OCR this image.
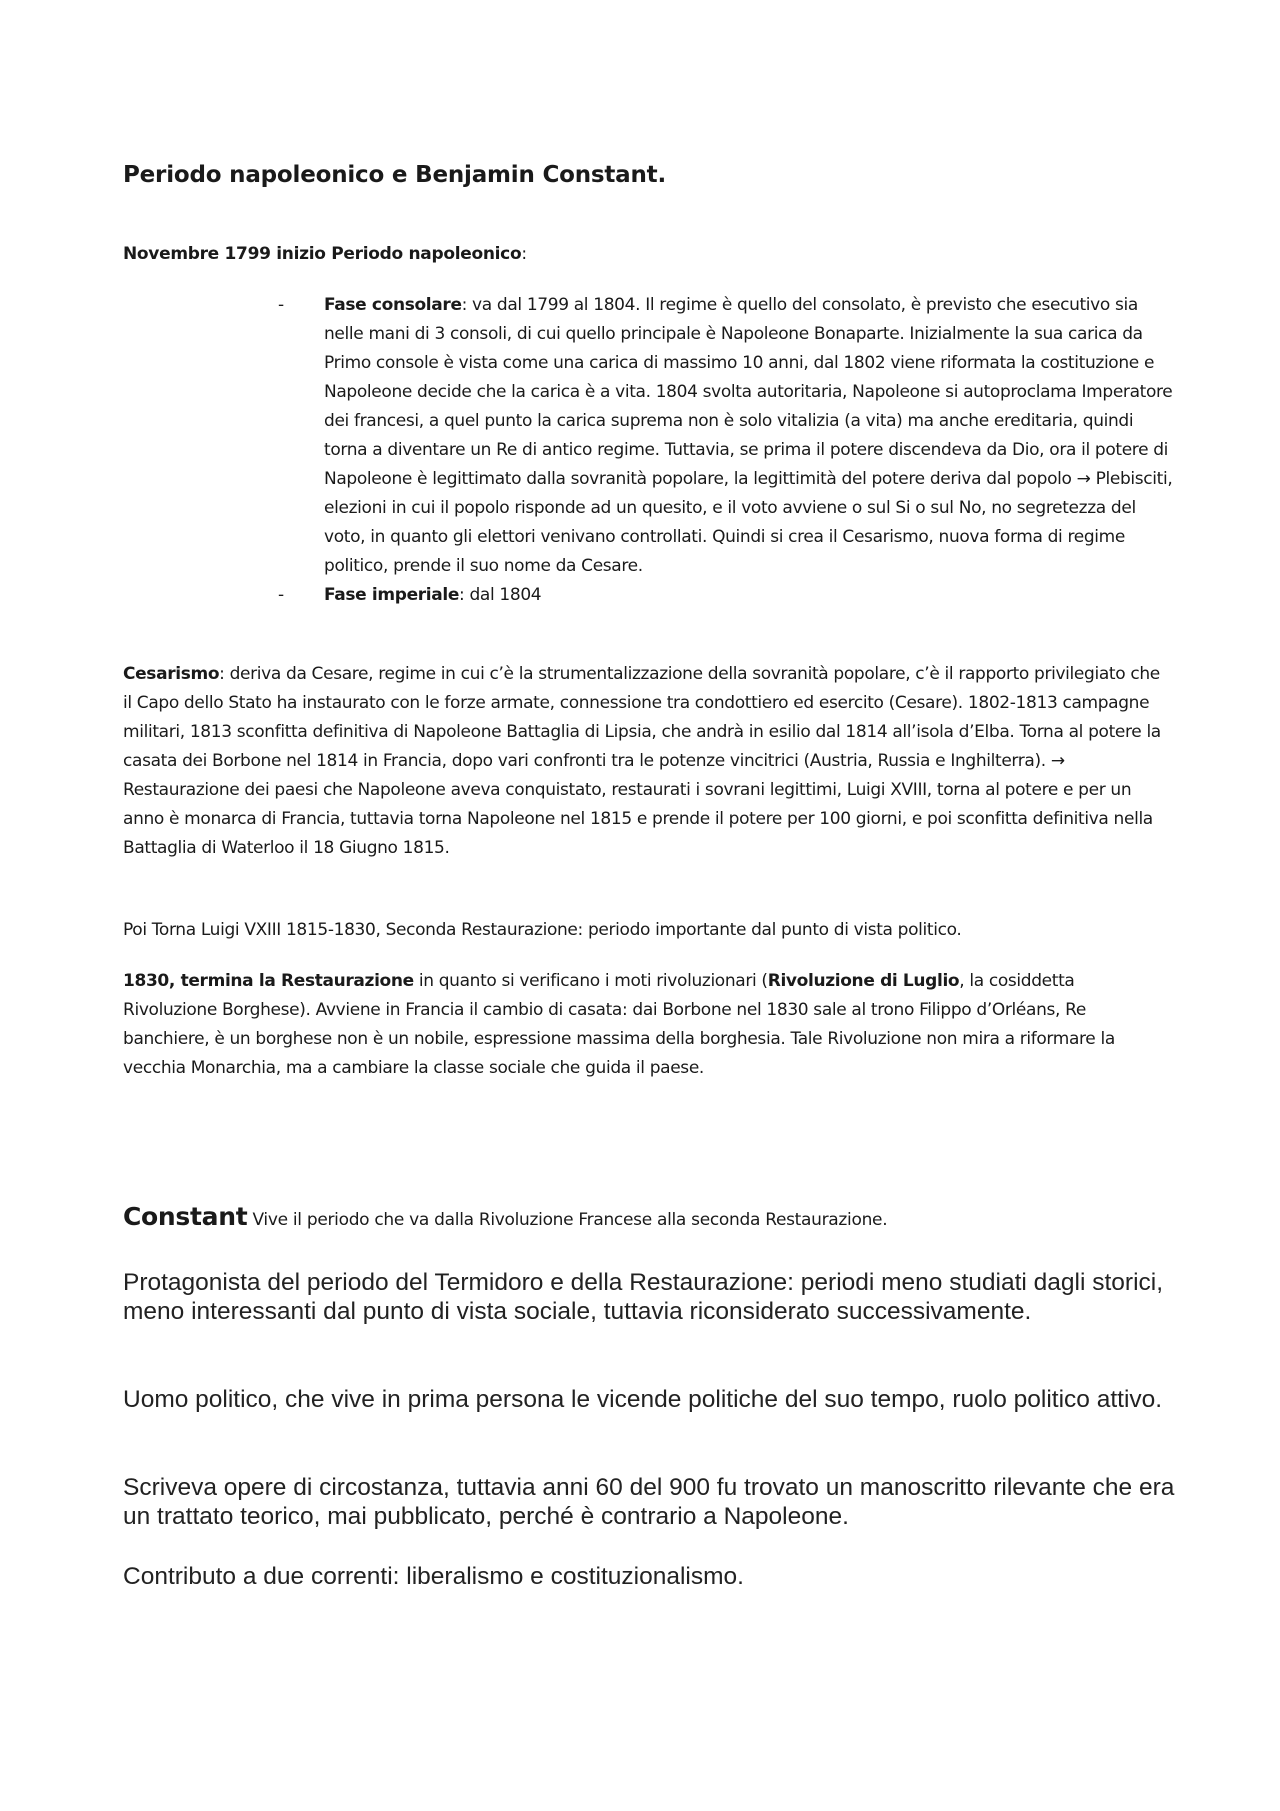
Periodo napoleonico e Benjamin Constant.

Novembre 1799 inizio Periodo napoleonico:

- Fase consolare: va dal 1799 al 1804. Il regime è quello del consolato, è previsto che esecutivo sia nelle mani di 3 consoli, di cui quello principale è Napoleone Bonaparte. Inizialmente la sua carica da Primo console è vista come una carica di massimo 10 anni, dal 1802 viene riformata la costituzione e Napoleone decide che la carica è a vita. 1804 svolta autoritaria, Napoleone si autoproclama Imperatore dei francesi, a quel punto la carica suprema non è solo vitalizia (a vita) ma anche ereditaria, quindi torna a diventare un Re di antico regime. Tuttavia, se prima il potere discendeva da Dio, ora il potere di Napoleone è legittimato dalla sovranità popolare, la legittimità del potere deriva dal popolo → Plebisciti, elezioni in cui il popolo risponde ad un quesito, e il voto avviene o sul Si o sul No, no segretezza del voto, in quanto gli elettori venivano controllati. Quindi si crea il Cesarismo, nuova forma di regime politico, prende il suo nome da Cesare.
- Fase imperiale: dal 1804

Cesarismo: deriva da Cesare, regime in cui c’è la strumentalizzazione della sovranità popolare, c’è il rapporto privilegiato che il Capo dello Stato ha instaurato con le forze armate, connessione tra condottiero ed esercito (Cesare). 1802-1813 campagne militari, 1813 sconfitta definitiva di Napoleone Battaglia di Lipsia, che andrà in esilio dal 1814 all’isola d’Elba. Torna al potere la casata dei Borbone nel 1814 in Francia, dopo vari confronti tra le potenze vincitrici (Austria, Russia e Inghilterra). → Restaurazione dei paesi che Napoleone aveva conquistato, restaurati i sovrani legittimi, Luigi XVIII, torna al potere e per un anno è monarca di Francia, tuttavia torna Napoleone nel 1815 e prende il potere per 100 giorni, e poi sconfitta definitiva nella Battaglia di Waterloo il 18 Giugno 1815.

Poi Torna Luigi VXIII 1815-1830, Seconda Restaurazione: periodo importante dal punto di vista politico.

1830, termina la Restaurazione in quanto si verificano i moti rivoluzionari (Rivoluzione di Luglio, la cosiddetta Rivoluzione Borghese). Avviene in Francia il cambio di casata: dai Borbone nel 1830 sale al trono Filippo d’Orléans, Re banchiere, è un borghese non è un nobile, espressione massima della borghesia. Tale Rivoluzione non mira a riformare la vecchia Monarchia, ma a cambiare la classe sociale che guida il paese.

Constant Vive il periodo che va dalla Rivoluzione Francese alla seconda Restaurazione.

Protagonista del periodo del Termidoro e della Restaurazione: periodi meno studiati dagli storici, meno interessanti dal punto di vista sociale, tuttavia riconsiderato successivamente.

Uomo politico, che vive in prima persona le vicende politiche del suo tempo, ruolo politico attivo.

Scriveva opere di circostanza, tuttavia anni 60 del 900 fu trovato un manoscritto rilevante che era un trattato teorico, mai pubblicato, perché è contrario a Napoleone.

Contributo a due correnti: liberalismo e costituzionalismo.
